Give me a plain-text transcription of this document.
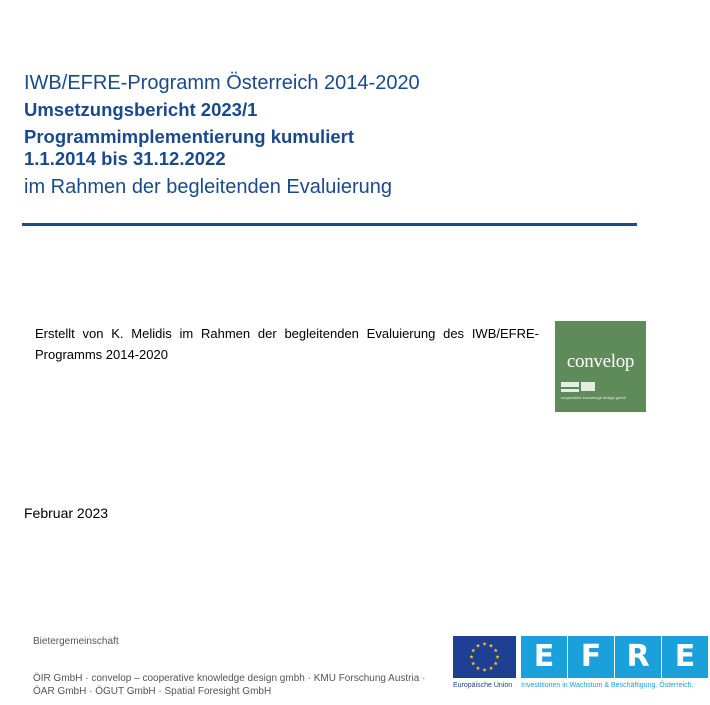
IWB/EFRE-Programm Österreich 2014-2020
Umsetzungsbericht 2023/1
Programmimplementierung kumuliert
1.1.2014 bis 31.12.2022
im Rahmen der begleitenden Evaluierung
Erstellt von K. Melidis im Rahmen der begleitenden Evaluierung des IWB/EFRE-Programms 2014-2020	convelop
cooperative knowledge design gmbh
Februar 2023
Bietergemeinschaft
ÖIR GmbH · convelop – cooperative knowledge design gmbh · KMU Forschung Austria · ÖAR GmbH · ÖGUT GmbH · Spatial Foresight GmbH
E F R E
Europäische Union Investitionen in Wachstum & Beschäftigung. Österreich.
